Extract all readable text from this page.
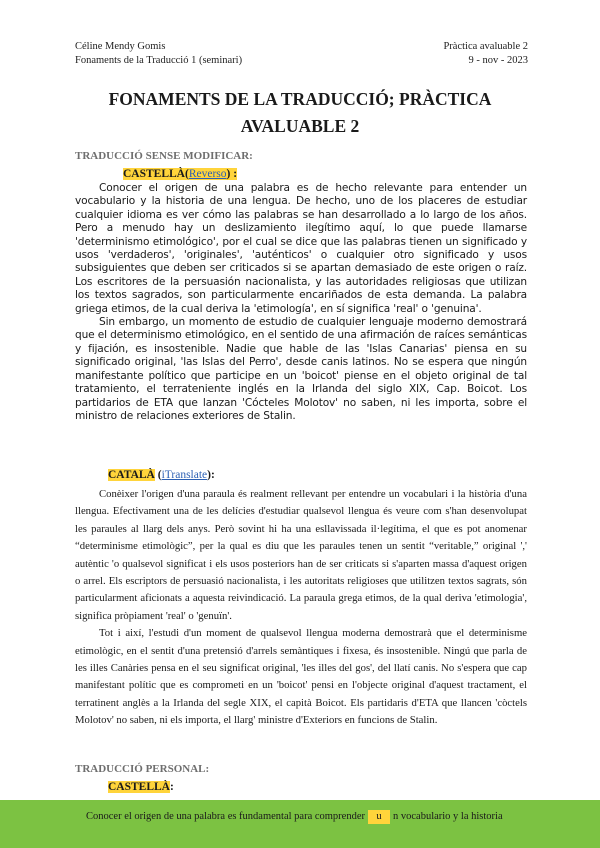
Céline Mendy Gomis
Fonaments de la Traducció 1 (seminari)
Pràctica avaluable 2
9 - nov - 2023
FONAMENTS DE LA TRADUCCIÓ; PRÀCTICA
AVALUABLE 2
TRADUCCIÓ SENSE MODIFICAR:
CASTELLÀ(Reverso) :

Conocer el origen de una palabra es de hecho relevante para entender un vocabulario y la historia de una lengua. De hecho, uno de los placeres de estudiar cualquier idioma es ver cómo las palabras se han desarrollado a lo largo de los años. Pero a menudo hay un deslizamiento ilegítimo aquí, lo que puede llamarse 'determinismo etimológico', por el cual se dice que las palabras tienen un significado y usos 'verdaderos', 'originales', 'auténticos' o cualquier otro significado y usos subsiguientes que deben ser criticados si se apartan demasiado de este origen o raíz. Los escritores de la persuasión nacionalista, y las autoridades religiosas que utilizan los textos sagrados, son particularmente encariñados de esta demanda. La palabra griega etimos, de la cual deriva la 'etimología', en sí significa 'real' o 'genuina'.

Sin embargo, un momento de estudio de cualquier lenguaje moderno demostrará que el determinismo etimológico, en el sentido de una afirmación de raíces semánticas y fijación, es insostenible. Nadie que hable de las 'Islas Canarias' piensa en su significado original, 'las Islas del Perro', desde canis latinos. No se espera que ningún manifestante político que participe en un 'boicot' piense en el objeto original de tal tratamiento, el terrateniente inglés en la Irlanda del siglo XIX, Cap. Boicot. Los partidarios de ETA que lanzan 'Cócteles Molotov' no saben, ni les importa, sobre el ministro de relaciones exteriores de Stalin.

CATALÀ (iTranslate):

Conèixer l'origen d'una paraula és realment rellevant per entendre un vocabulari i la història d'una llengua. Efectivament una de les delícies d'estudiar qualsevol llengua és veure com s'han desenvolupat les paraules al llarg dels anys. Però sovint hi ha una esllavissada il·legítima, el que es pot anomenar “determinisme etimològic”, per la qual es diu que les paraules tenen un sentit “veritable,” original ',' autèntic 'o qualsevol significat i els usos posteriors han de ser criticats si s'aparten massa d'aquest origen o arrel. Els escriptors de persuasió nacionalista, i les autoritats religioses que utilitzen textos sagrats, són particularment aficionats a aquesta reivindicació. La paraula grega etimos, de la qual deriva 'etimologia', significa pròpiament 'real' o 'genuïn'.

Tot i així, l'estudi d'un moment de qualsevol llengua moderna demostrarà que el determinisme etimològic, en el sentit d'una pretensió d'arrels semàntiques i fixesa, és insostenible. Ningú que parla de les illes Canàries pensa en el seu significat original, 'les illes del gos', del llatí canis. No s'espera que cap manifestant polític que es comprometi en un 'boicot' pensi en l'objecte original d'aquest tractament, el terratinent anglès a la Irlanda del segle XIX, el capità Boicot. Els partidaris d'ETA que llancen 'còctels Molotov' no saben, ni els importa, el llarg' ministre d'Exteriors en funcions de Stalin.

TRADUCCIÓ PERSONAL:
CASTELLÀ:
Conocer el origen de una palabra es fundamental para comprender u n vocabulario y la historia
